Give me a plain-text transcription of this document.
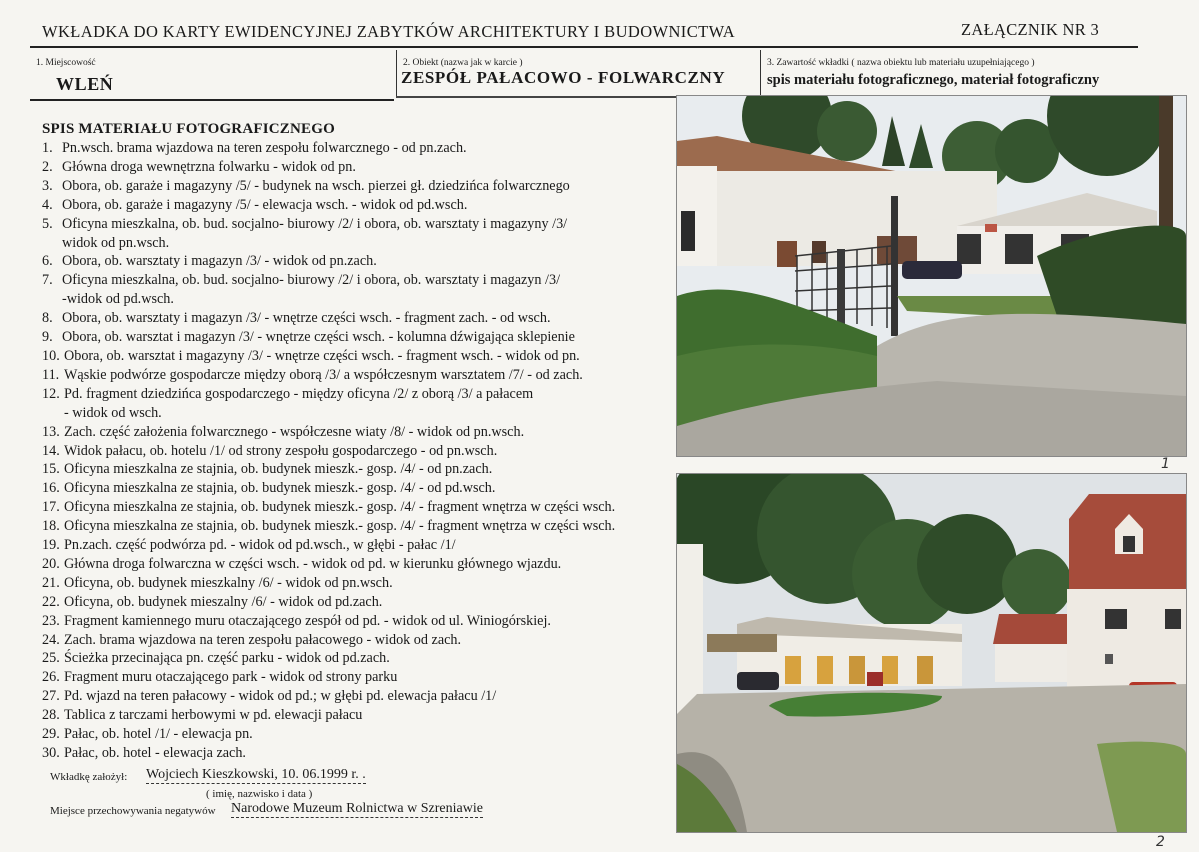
WKŁADKA DO KARTY EWIDENCYJNEJ ZABYTKÓW ARCHITEKTURY I BUDOWNICTWA	ZAŁĄCZNIK NR 3
1. Miejscowość
WLEŃ
2. Obiekt (nazwa jak w karcie )
ZESPÓŁ PAŁACOWO - FOLWARCZNY
3. Zawartość wkładki ( nazwa obiektu lub materiału uzupełniającego )
spis materiału fotograficznego, materiał fotograficzny
SPIS MATERIAŁU FOTOGRAFICZNEGO
1. Pn.wsch. brama wjazdowa na teren zespołu folwarcznego - od pn.zach.
2. Główna droga wewnętrzna folwarku - widok od pn.
3. Obora, ob. garaże i magazyny /5/ - budynek na wsch. pierzei gł. dziedzińca folwarcznego
4. Obora, ob. garaże i magazyny /5/ - elewacja wsch. - widok od pd.wsch.
5. Oficyna mieszkalna, ob. bud. socjalno- biurowy /2/ i obora, ob. warsztaty i magazyny /3/
widok od pn.wsch.
6. Obora, ob. warsztaty i magazyn /3/ - widok od pn.zach.
7. Oficyna mieszkalna, ob. bud. socjalno- biurowy /2/ i obora, ob. warsztaty i magazyn /3/
-widok od pd.wsch.
8. Obora, ob. warsztaty i magazyn /3/ - wnętrze części wsch. - fragment zach. - od wsch.
9. Obora, ob. warsztat i magazyn /3/ - wnętrze części wsch. - kolumna dźwigająca sklepienie
10. Obora, ob. warsztat i magazyny /3/ - wnętrze części wsch. - fragment wsch. - widok od pn.
11. Wąskie podwórze gospodarcze między oborą /3/ a współczesnym warsztatem /7/ - od zach.
12. Pd. fragment dziedzińca gospodarczego - między oficyna /2/ z oborą /3/ a pałacem
- widok od wsch.
13. Zach. część założenia folwarcznego - współczesne wiaty /8/ - widok od pn.wsch.
14. Widok pałacu, ob. hotelu /1/ od strony zespołu gospodarczego - od pn.wsch.
15. Oficyna mieszkalna ze stajnia, ob. budynek mieszk.- gosp. /4/ - od pn.zach.
16. Oficyna mieszkalna ze stajnia, ob. budynek mieszk.- gosp. /4/ - od pd.wsch.
17. Oficyna mieszkalna ze stajnia, ob. budynek mieszk.- gosp. /4/ - fragment wnętrza w części wsch.
18. Oficyna mieszkalna ze stajnia, ob. budynek mieszk.- gosp. /4/ - fragment wnętrza w części wsch.
19. Pn.zach. część podwórza pd. - widok od pd.wsch., w głębi - pałac /1/
20. Główna droga folwarczna w części wsch. - widok od pd. w kierunku głównego wjazdu.
21. Oficyna, ob. budynek mieszkalny /6/ - widok od pn.wsch.
22. Oficyna, ob. budynek mieszalny /6/ - widok od pd.zach.
23. Fragment kamiennego muru otaczającego zespół od pd. - widok od ul. Winiogórskiej.
24. Zach. brama wjazdowa na teren zespołu pałacowego - widok od zach.
25. Ścieżka przecinająca pn. część parku - widok od pd.zach.
26. Fragment muru otaczającego park - widok od strony parku
27. Pd. wjazd na teren pałacowy - widok od pd.; w głębi pd. elewacja pałacu /1/
28. Tablica z tarczami herbowymi w pd. elewacji pałacu
29. Pałac, ob. hotel /1/ - elewacja pn.
30. Pałac, ob. hotel - elewacja zach.
Wkładkę założył: Wojciech Kieszkowski, 10. 06.1999 r. .
( imię, nazwisko i data )
Miejsce przechowywania negatywów Narodowe Muzeum Rolnictwa w Szreniawie
1
2
